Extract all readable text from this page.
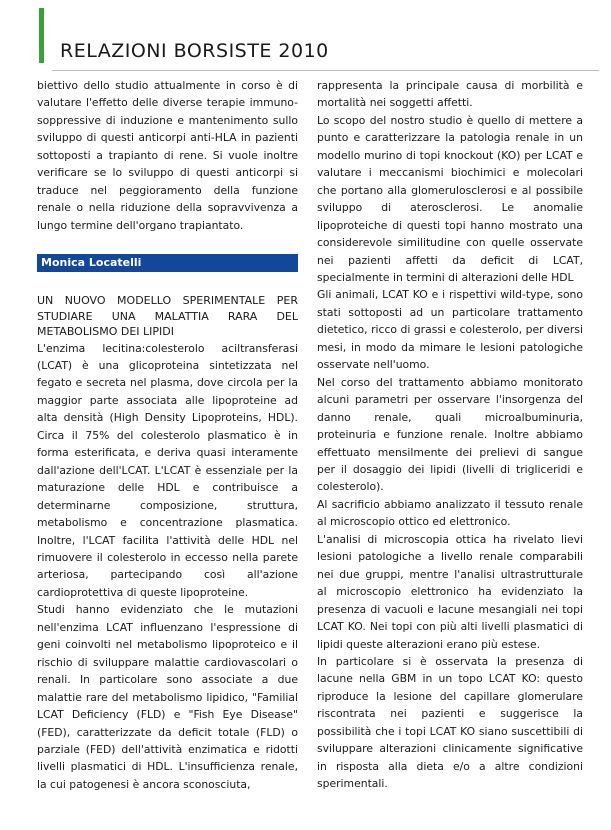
RELAZIONI BORSISTE 2010

biettivo dello studio attualmente in corso è di valutare l'effetto delle diverse terapie immuno-soppressive di induzione e mantenimento sullo sviluppo di questi anticorpi anti-HLA in pazienti sottoposti a trapianto di rene. Si vuole inoltre verificare se lo sviluppo di questi anticorpi si traduce nel peggioramento della funzione renale o nella riduzione della sopravvivenza a lungo termine dell'organo trapiantato.

Monica Locatelli

UN NUOVO MODELLO SPERIMENTALE PER STUDIARE UNA MALATTIA RARA DEL METABOLISMO DEI LIPIDI

L'enzima lecitina:colesterolo aciltransferasi (LCAT) è una glicoproteina sintetizzata nel fegato e secreta nel plasma, dove circola per la maggior parte associata alle lipoproteine ad alta densità (High Density Lipoproteins, HDL). Circa il 75% del colesterolo plasmatico è in forma esterificata, e deriva quasi interamente dall'azione dell'LCAT. L'LCAT è essenziale per la maturazione delle HDL e contribuisce a determinarne composizione, struttura, metabolismo e concentrazione plasmatica. Inoltre, l'LCAT facilita l'attività delle HDL nel rimuovere il colesterolo in eccesso nella parete arteriosa, partecipando così all'azione cardioprotettiva di queste lipoproteine.

Studi hanno evidenziato che le mutazioni nell'enzima LCAT influenzano l'espressione di geni coinvolti nel metabolismo lipoproteico e il rischio di sviluppare malattie cardiovascolari o renali. In particolare sono associate a due malattie rare del metabolismo lipidico, "Familial LCAT Deficiency (FLD) e "Fish Eye Disease" (FED), caratterizzate da deficit totale (FLD) o parziale (FED) dell'attività enzimatica e ridotti livelli plasmatici di HDL. L'insufficienza renale, la cui patogenesi è ancora sconosciuta,

rappresenta la principale causa di morbilità e mortalità nei soggetti affetti.

Lo scopo del nostro studio è quello di mettere a punto e caratterizzare la patologia renale in un modello murino di topi knockout (KO) per LCAT e valutare i meccanismi biochimici e molecolari che portano alla glomerulosclerosi e al possibile sviluppo di aterosclerosi. Le anomalie lipoproteiche di questi topi hanno mostrato una considerevole similitudine con quelle osservate nei pazienti affetti da deficit di LCAT, specialmente in termini di alterazioni delle HDL

Gli animali, LCAT KO e i rispettivi wild-type, sono stati sottoposti ad un particolare trattamento dietetico, ricco di grassi e colesterolo, per diversi mesi, in modo da mimare le lesioni patologiche osservate nell'uomo.

Nel corso del trattamento abbiamo monitorato alcuni parametri per osservare l'insorgenza del danno renale, quali microalbuminuria, proteinuria e funzione renale. Inoltre abbiamo effettuato mensilmente dei prelievi di sangue per il dosaggio dei lipidi (livelli di trigliceridi e colesterolo).

Al sacrificio abbiamo analizzato il tessuto renale al microscopio ottico ed elettronico.

L'analisi di microscopia ottica ha rivelato lievi lesioni patologiche a livello renale comparabili nei due gruppi, mentre l'analisi ultrastrutturale al microscopio elettronico ha evidenziato la presenza di vacuoli e lacune mesangiali nei topi LCAT KO. Nei topi con più alti livelli plasmatici di lipidi queste alterazioni erano più estese.

In particolare si è osservata la presenza di lacune nella GBM in un topo LCAT KO: questo riproduce la lesione del capillare glomerulare riscontrata nei pazienti e suggerisce la possibilità che i topi LCAT KO siano suscettibili di sviluppare alterazioni clinicamente significative in risposta alla dieta e/o a altre condizioni sperimentali.
